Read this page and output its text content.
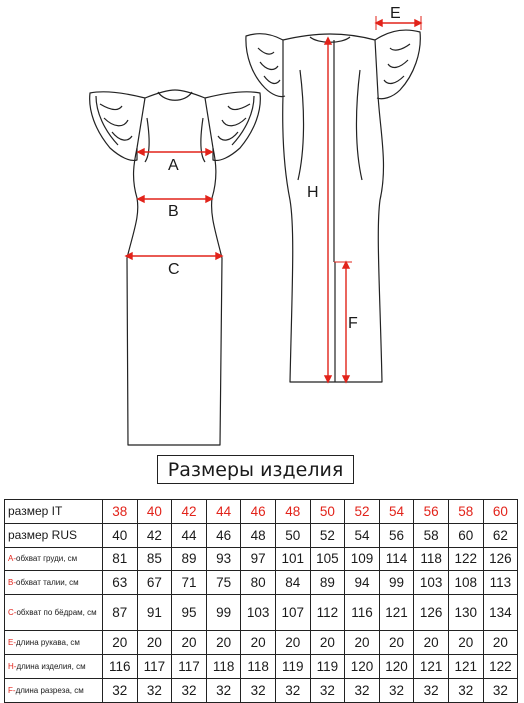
A
B
C
E
H
F
Размеры изделия
размер IT	38	40	42	44	46	48	50	52	54	56	58	60
размер RUS	40	42	44	46	48	50	52	54	56	58	60	62
А-обхват груди, см	81	85	89	93	97	101	105	109	114	118	122	126
В-обхват талии, см	63	67	71	75	80	84	89	94	99	103	108	113
С-обхват по бёдрам, см	87	91	95	99	103	107	112	116	121	126	130	134
Е-длина рукава, см	20	20	20	20	20	20	20	20	20	20	20	20
Н-длина изделия, см	116	117	117	118	118	119	119	120	120	121	121	122
F-длина разреза, см	32	32	32	32	32	32	32	32	32	32	32	32
